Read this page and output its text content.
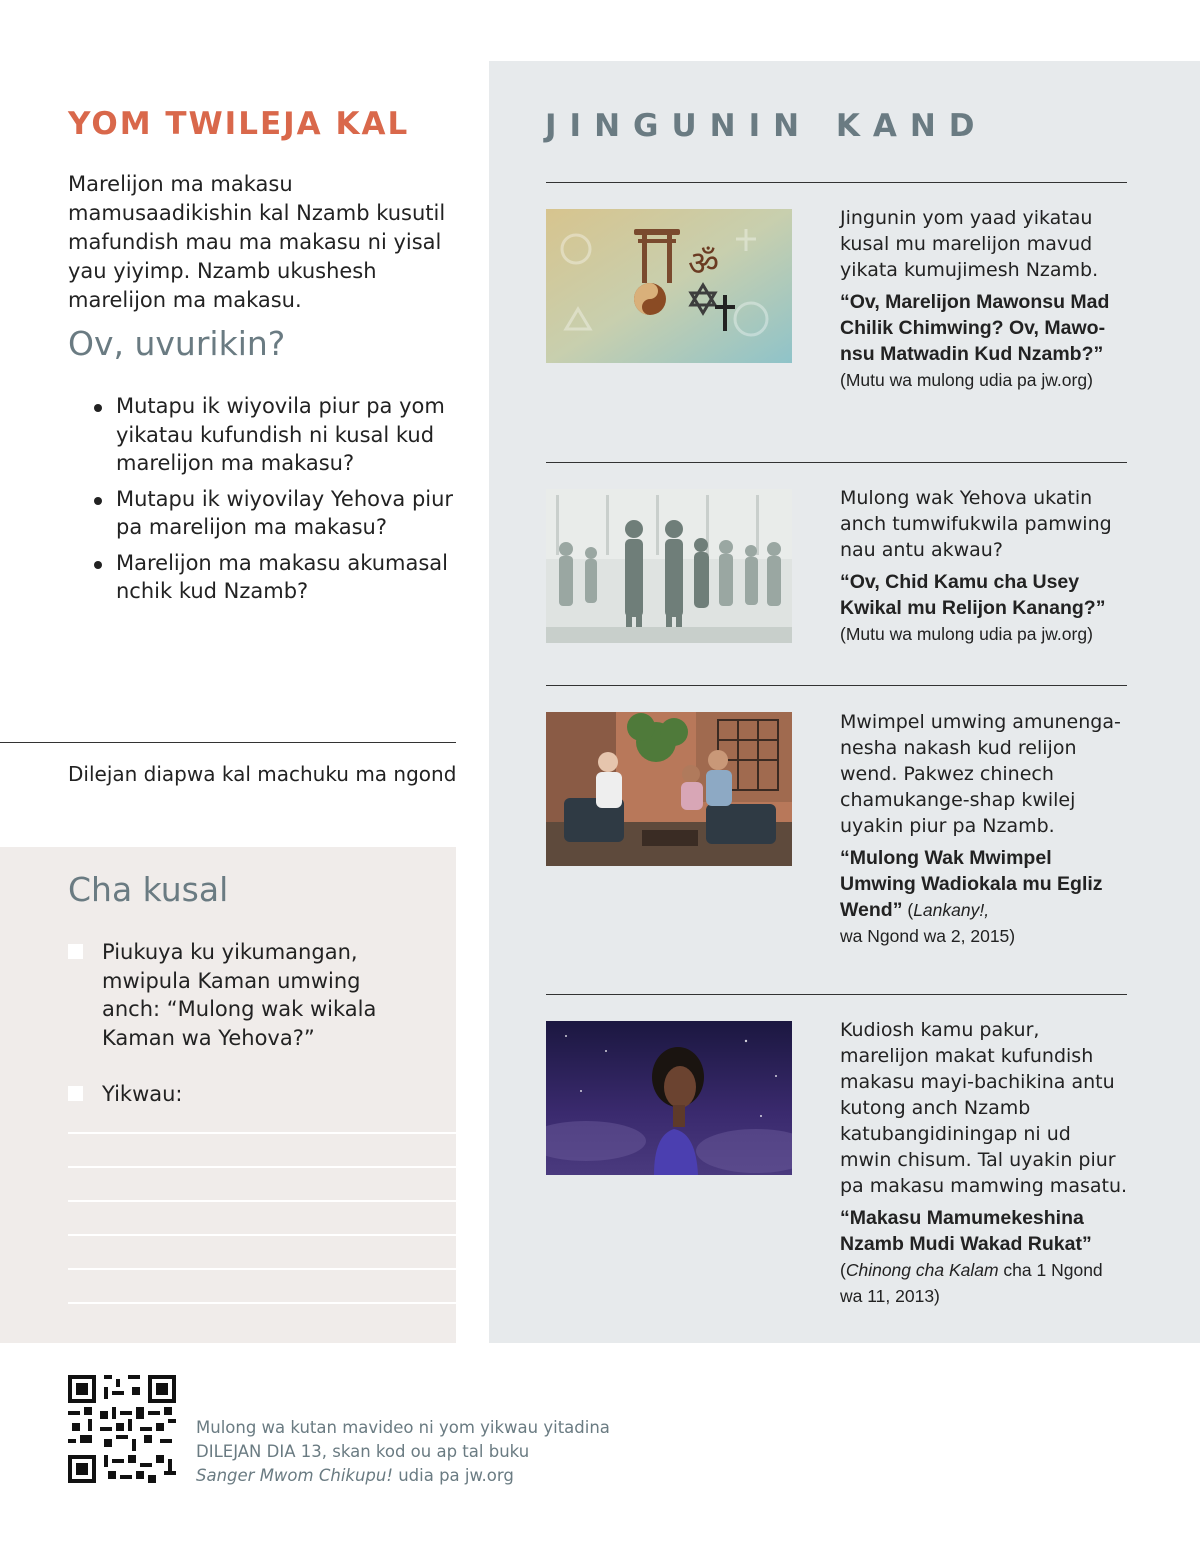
YOM TWILEJA KAL

Marelijon ma makasu mamusaadikishin kal Nzamb kusutil mafundish mau ma makasu ni yisal yau yiyimp. Nzamb ukushesh marelijon ma makasu.

Ov, uvurikin?
Mutapu ik wiyovila piur pa yom yikatau kufundish ni kusal kud marelijon ma makasu?
Mutapu ik wiyovilay Yehova piur pa marelijon ma makasu?
Marelijon ma makasu akumasal nchik kud Nzamb?

Dilejan diapwa kal machuku ma ngond

Cha kusal
Piukuya ku yikumangan, mwipula Kaman umwing anch: “Mulong wak wikala Kaman wa Yehova?”
Yikwau:
JINGUNIN KAND
ॐ

Jingunin yom yaad yikatau kusal mu marelijon mavud yikata kumujimesh Nzamb.

“Ov, Marelijon Mawonsu Mad Chilik Chimwing? Ov, Mawo-nsu Matwadin Kud Nzamb?”

(Mutu wa mulong udia pa jw.org)

Mulong wak Yehova ukatin anch tumwifukwila pamwing nau antu akwau?

“Ov, Chid Kamu cha Usey Kwikal mu Relijon Kanang?”

(Mutu wa mulong udia pa jw.org)

Mwimpel umwing amunenga-nesha nakash kud relijon wend. Pakwez chinech chamukange-shap kwilej uyakin piur pa Nzamb.

“Mulong Wak Mwimpel Umwing Wadiokala mu Egliz Wend” (Lankany!,

wa Ngond wa 2, 2015)

Kudiosh kamu pakur, marelijon makat kufundish makasu mayi-bachikina antu kutong anch Nzamb katubangidiningap ni ud mwin chisum. Tal uyakin piur pa makasu mamwing masatu.

“Makasu Mamumekeshina Nzamb Mudi Wakad Rukat”

(Chinong cha Kalam cha 1 Ngond wa 11, 2013)

Mulong wa kutan mavideo ni yom yikwau yitadina
DILEJAN DIA 13, skan kod ou ap tal buku
Sanger Mwom Chikupu! udia pa jw.org
